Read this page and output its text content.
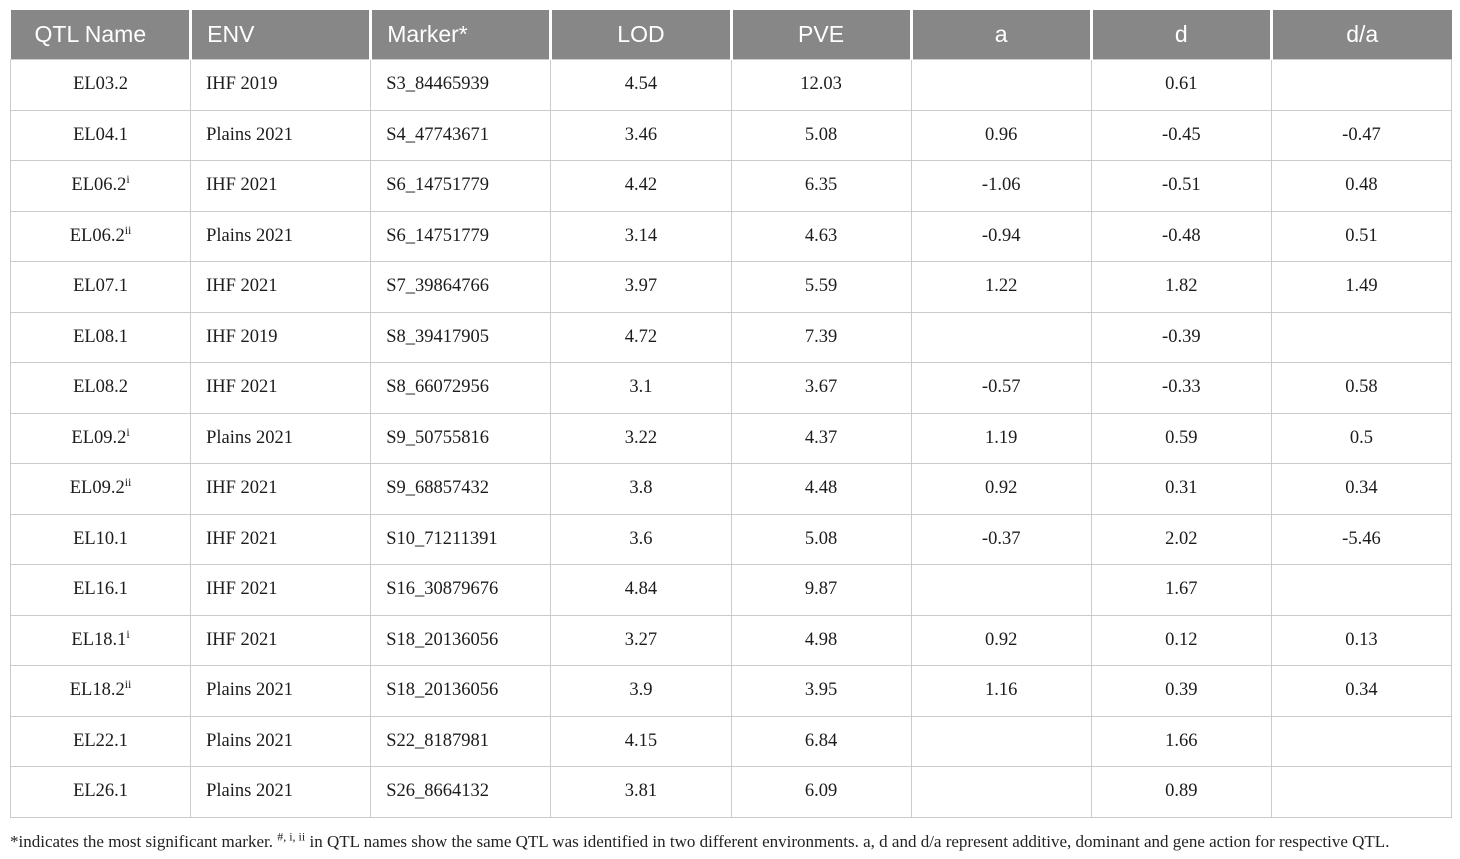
QTL Name	ENV	Marker*	LOD	PVE	a	d	d/a
EL03.2	IHF 2019	S3_84465939	4.54	12.03		0.61	
EL04.1	Plains 2021	S4_47743671	3.46	5.08	0.96	-0.45	-0.47
EL06.2$^i$	IHF 2021	S6_14751779	4.42	6.35	-1.06	-0.51	0.48
EL06.2$^{ii}$	Plains 2021	S6_14751779	3.14	4.63	-0.94	-0.48	0.51
EL07.1	IHF 2021	S7_39864766	3.97	5.59	1.22	1.82	1.49
EL08.1	IHF 2019	S8_39417905	4.72	7.39		-0.39	
EL08.2	IHF 2021	S8_66072956	3.1	3.67	-0.57	-0.33	0.58
EL09.2$^i$	Plains 2021	S9_50755816	3.22	4.37	1.19	0.59	0.5
EL09.2$^{ii}$	IHF 2021	S9_68857432	3.8	4.48	0.92	0.31	0.34
EL10.1	IHF 2021	S10_71211391	3.6	5.08	-0.37	2.02	-5.46
EL16.1	IHF 2021	S16_30879676	4.84	9.87		1.67	
EL18.1$^i$	IHF 2021	S18_20136056	3.27	4.98	0.92	0.12	0.13
EL18.2$^{ii}$	Plains 2021	S18_20136056	3.9	3.95	1.16	0.39	0.34
EL22.1	Plains 2021	S22_8187981	4.15	6.84		1.66	
EL26.1	Plains 2021	S26_8664132	3.81	6.09		0.89	

*indicates the most significant marker. $^{\#, i, ii}$ in QTL names show the same QTL was identified in two different environments. a, d and d/a represent additive, dominant and gene action for respective QTL.
